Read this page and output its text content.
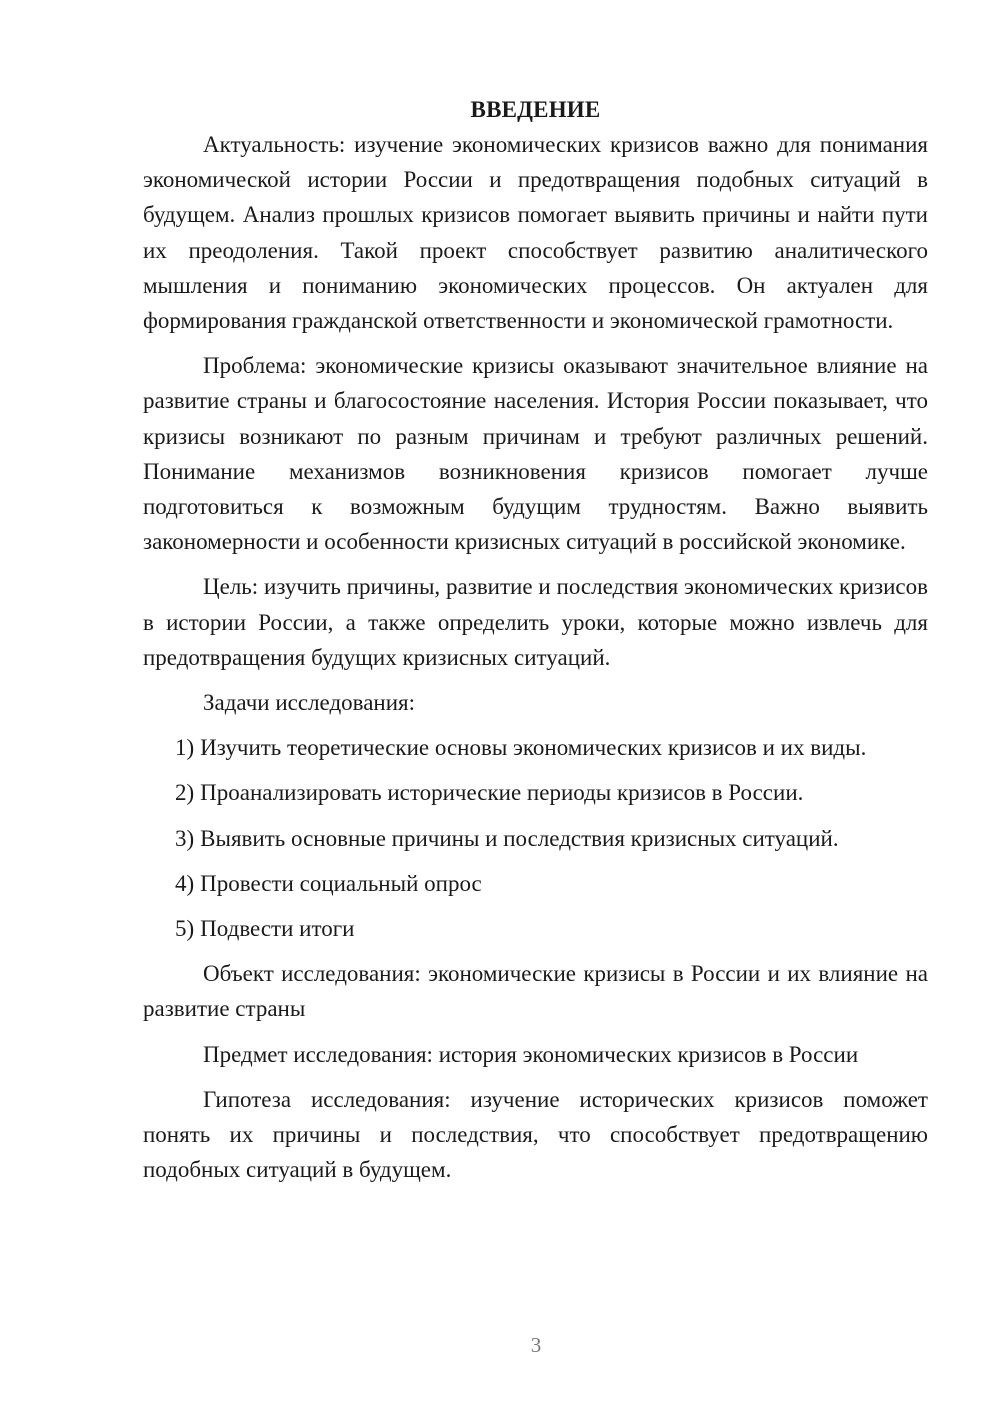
ВВЕДЕНИЕ

Актуальность: изучение экономических кризисов важно для понимания экономической истории России и предотвращения подобных ситуаций в будущем. Анализ прошлых кризисов помогает выявить причины и найти пути их преодоления. Такой проект способствует развитию аналитического мышления и пониманию экономических процессов. Он актуален для формирования гражданской ответственности и экономической грамотности.

Проблема: экономические кризисы оказывают значительное влияние на развитие страны и благосостояние населения. История России показывает, что кризисы возникают по разным причинам и требуют различных решений. Понимание механизмов возникновения кризисов помогает лучше подготовиться к возможным будущим трудностям. Важно выявить закономерности и особенности кризисных ситуаций в российской экономике.

Цель: изучить причины, развитие и последствия экономических кризисов в истории России, а также определить уроки, которые можно извлечь для предотвращения будущих кризисных ситуаций.

Задачи исследования:

1) Изучить теоретические основы экономических кризисов и их виды.
2) Проанализировать исторические периоды кризисов в России.
3) Выявить основные причины и последствия кризисных ситуаций.
4) Провести социальный опрос
5) Подвести итоги

Объект исследования: экономические кризисы в России и их влияние на развитие страны

Предмет исследования: история экономических кризисов в России

Гипотеза исследования: изучение исторических кризисов поможет понять их причины и последствия, что способствует предотвращению подобных ситуаций в будущем.

3
